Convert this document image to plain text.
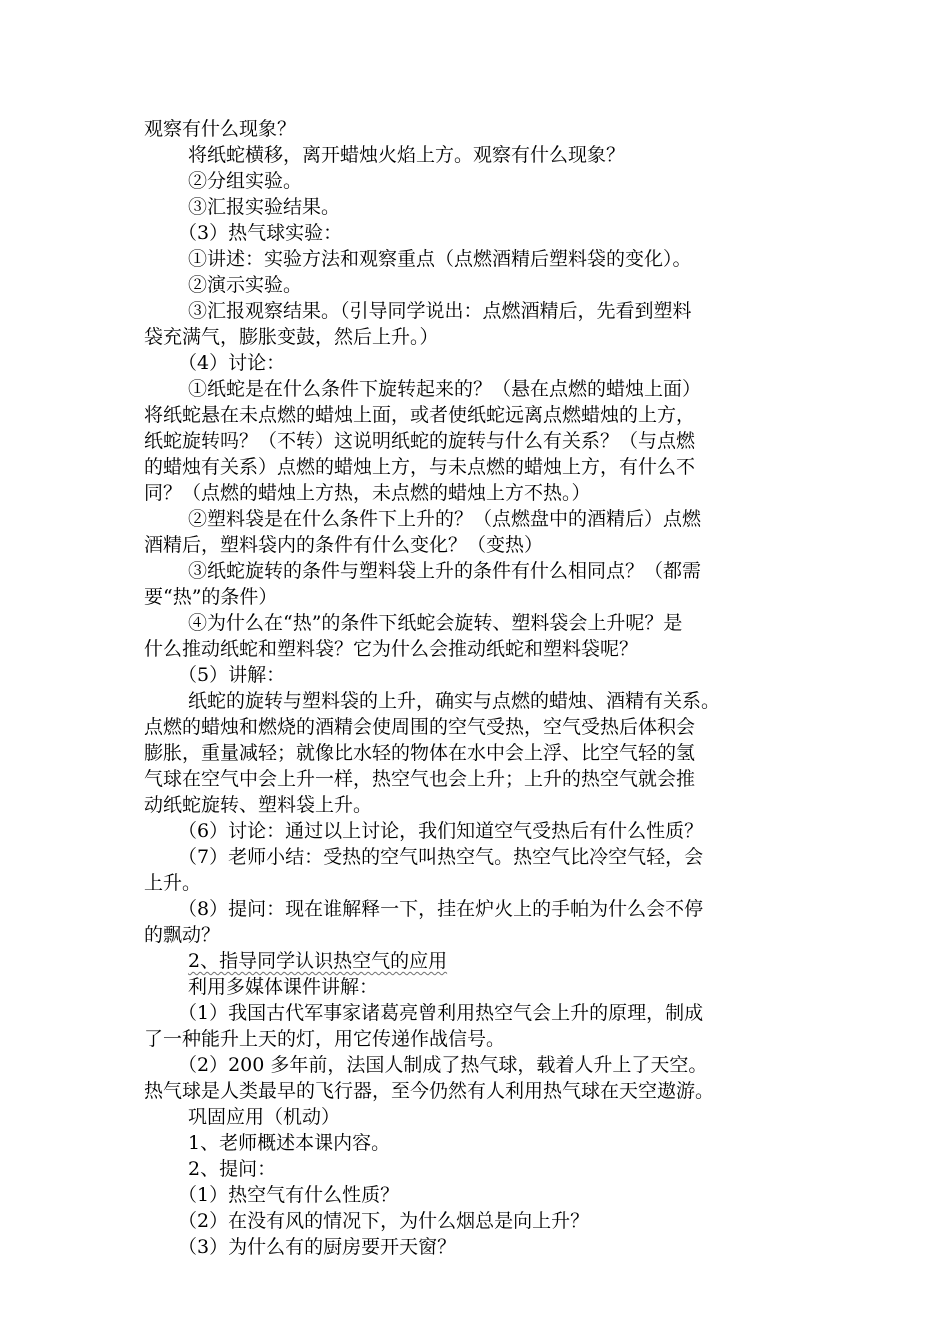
观察有什么现象？
将纸蛇横移，离开蜡烛火焰上方。观察有什么现象？
②分组实验。
③汇报实验结果。
（3）热气球实验：
①讲述：实验方法和观察重点（点燃酒精后塑料袋的变化）。
②演示实验。
③汇报观察结果。（引导同学说出：点燃酒精后，先看到塑料
袋充满气，膨胀变鼓，然后上升。）
（4）讨论：
①纸蛇是在什么条件下旋转起来的？（悬在点燃的蜡烛上面）
将纸蛇悬在未点燃的蜡烛上面，或者使纸蛇远离点燃蜡烛的上方，
纸蛇旋转吗？（不转）这说明纸蛇的旋转与什么有关系？（与点燃
的蜡烛有关系）点燃的蜡烛上方，与未点燃的蜡烛上方，有什么不
同？（点燃的蜡烛上方热，未点燃的蜡烛上方不热。）
②塑料袋是在什么条件下上升的？（点燃盘中的酒精后）点燃
酒精后，塑料袋内的条件有什么变化？（变热）
③纸蛇旋转的条件与塑料袋上升的条件有什么相同点？（都需
要“热”的条件）
④为什么在“热”的条件下纸蛇会旋转、塑料袋会上升呢？是
什么推动纸蛇和塑料袋？它为什么会推动纸蛇和塑料袋呢？
（5）讲解：
纸蛇的旋转与塑料袋的上升，确实与点燃的蜡烛、酒精有关系。
点燃的蜡烛和燃烧的酒精会使周围的空气受热，空气受热后体积会
膨胀，重量减轻；就像比水轻的物体在水中会上浮、比空气轻的氢
气球在空气中会上升一样，热空气也会上升；上升的热空气就会推
动纸蛇旋转、塑料袋上升。
（6）讨论：通过以上讨论，我们知道空气受热后有什么性质？
（7）老师小结：受热的空气叫热空气。热空气比冷空气轻，会
上升。
（8）提问：现在谁解释一下，挂在炉火上的手帕为什么会不停
的飘动？
2、指导同学认识热空气的应用
利用多媒体课件讲解：
（1）我国古代军事家诸葛亮曾利用热空气会上升的原理，制成
了一种能升上天的灯，用它传递作战信号。
（2）200 多年前，法国人制成了热气球，载着人升上了天空。
热气球是人类最早的飞行器，至今仍然有人利用热气球在天空遨游。
巩固应用（机动）
1、老师概述本课内容。
2、提问：
（1）热空气有什么性质？
（2）在没有风的情况下，为什么烟总是向上升？
（3）为什么有的厨房要开天窗？
